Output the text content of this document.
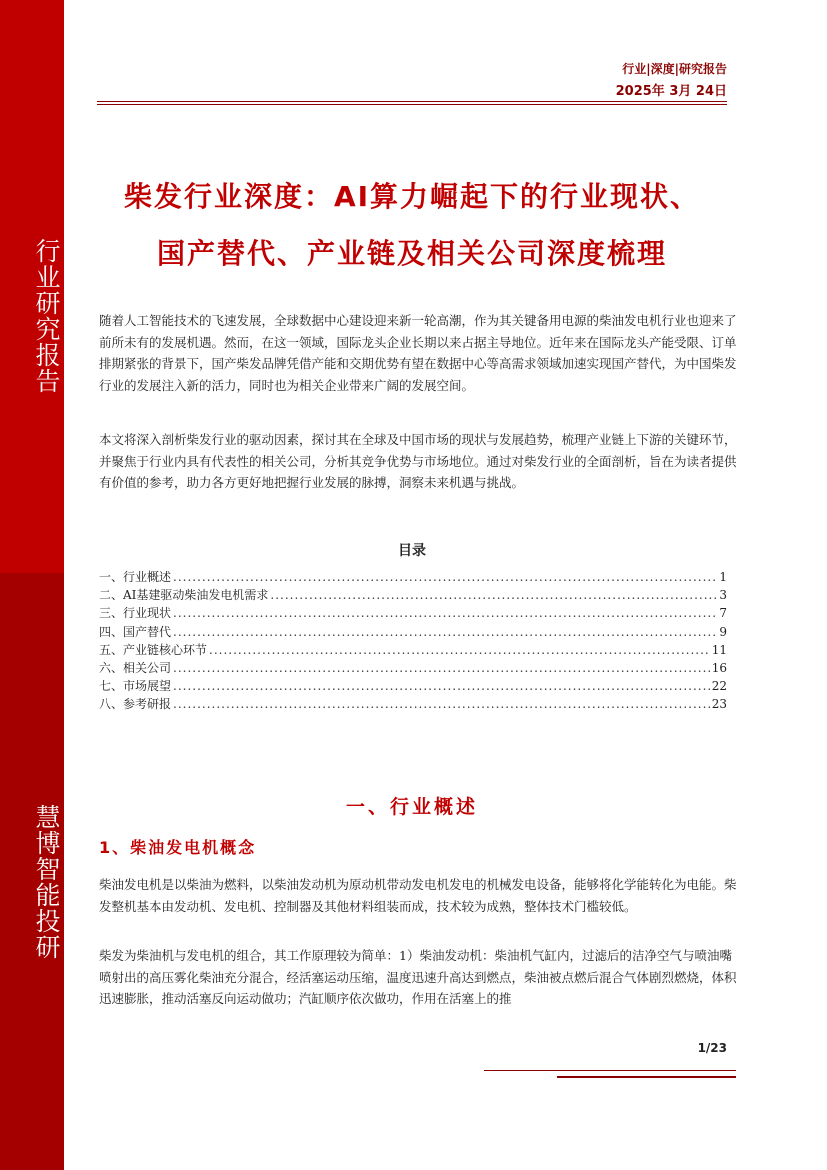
行业研究报告
慧博智能投研
行业|深度|研究报告
2025年 3月 24日
柴发行业深度：AI算力崛起下的行业现状、
国产替代、产业链及相关公司深度梳理
随着人工智能技术的飞速发展，全球数据中心建设迎来新一轮高潮，作为其关键备用电源的柴油发电机行业也迎来了前所未有的发展机遇。然而，在这一领域，国际龙头企业长期以来占据主导地位。近年来在国际龙头产能受限、订单排期紧张的背景下，国产柴发品牌凭借产能和交期优势有望在数据中心等高需求领域加速实现国产替代，为中国柴发行业的发展注入新的活力，同时也为相关企业带来广阔的发展空间。
本文将深入剖析柴发行业的驱动因素，探讨其在全球及中国市场的现状与发展趋势，梳理产业链上下游的关键环节，并聚焦于行业内具有代表性的相关公司，分析其竞争优势与市场地位。通过对柴发行业的全面剖析，旨在为读者提供有价值的参考，助力各方更好地把握行业发展的脉搏，洞察未来机遇与挑战。
目录
一、行业概述 .....	1
二、AI基建驱动柴油发电机需求 .....	3
三、行业现状 .....	7
四、国产替代 .....	9
五、产业链核心环节 .....	11
六、相关公司 .....	16
七、市场展望 .....	22
八、参考研报 .....	23
一、行业概述
1、柴油发电机概念
柴油发电机是以柴油为燃料，以柴油发动机为原动机带动发电机发电的机械发电设备，能够将化学能转化为电能。柴发整机基本由发动机、发电机、控制器及其他材料组装而成，技术较为成熟，整体技术门槛较低。
柴发为柴油机与发电机的组合，其工作原理较为简单：1）柴油发动机：柴油机气缸内，过滤后的洁净空气与喷油嘴喷射出的高压雾化柴油充分混合，经活塞运动压缩，温度迅速升高达到燃点，柴油被点燃后混合气体剧烈燃烧，体积迅速膨胀，推动活塞反向运动做功；汽缸顺序依次做功，作用在活塞上的推
1/23
